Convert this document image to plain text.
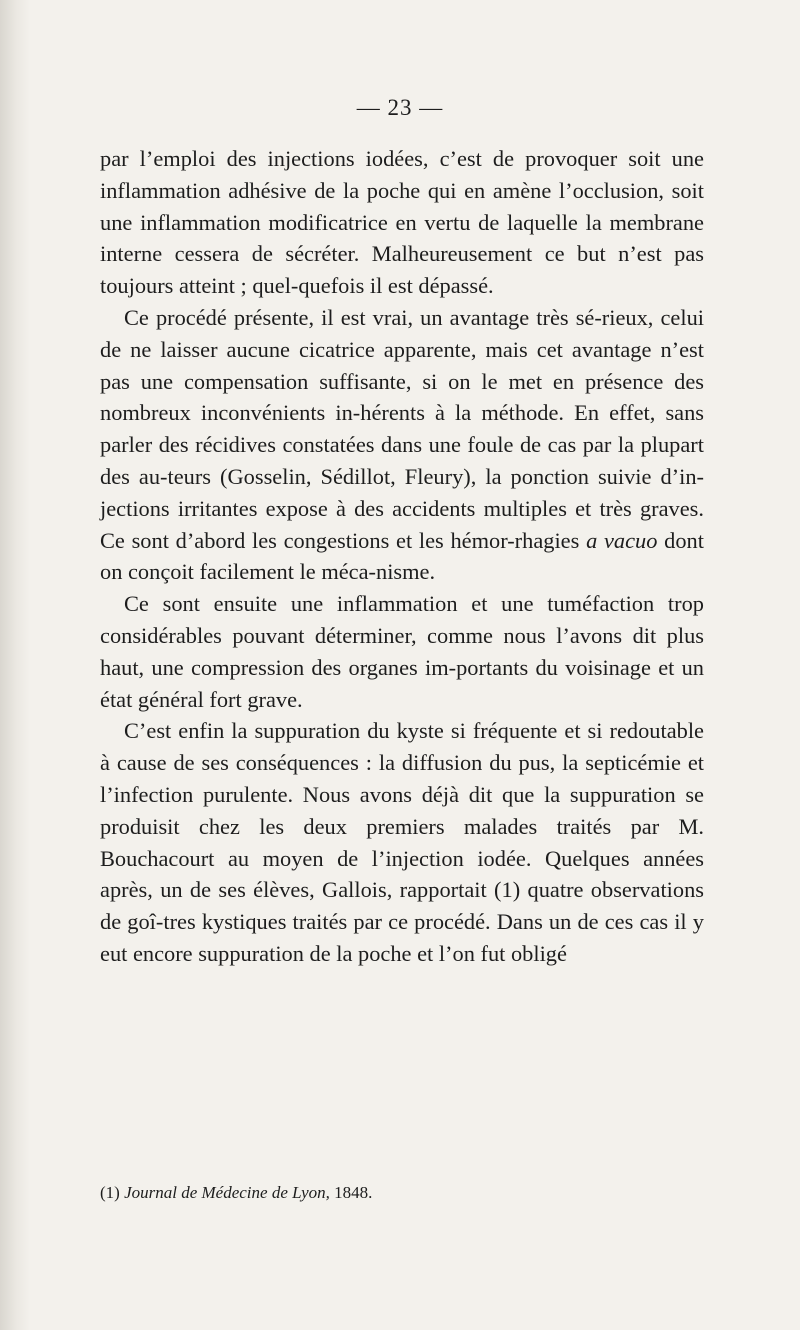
— 23 —

par l’emploi des injections iodées, c’est de provoquer soit une inflammation adhésive de la poche qui en amène l’occlusion, soit une inflammation modificatrice en vertu de laquelle la membrane interne cessera de sécréter. Malheureusement ce but n’est pas toujours atteint ; quel-quefois il est dépassé.

Ce procédé présente, il est vrai, un avantage très sé-rieux, celui de ne laisser aucune cicatrice apparente, mais cet avantage n’est pas une compensation suffisante, si on le met en présence des nombreux inconvénients in-hérents à la méthode. En effet, sans parler des récidives constatées dans une foule de cas par la plupart des au-teurs (Gosselin, Sédillot, Fleury), la ponction suivie d’in-jections irritantes expose à des accidents multiples et très graves. Ce sont d’abord les congestions et les hémor-rhagies a vacuo dont on conçoit facilement le méca-nisme.

Ce sont ensuite une inflammation et une tuméfaction trop considérables pouvant déterminer, comme nous l’avons dit plus haut, une compression des organes im-portants du voisinage et un état général fort grave.

C’est enfin la suppuration du kyste si fréquente et si redoutable à cause de ses conséquences : la diffusion du pus, la septicémie et l’infection purulente. Nous avons déjà dit que la suppuration se produisit chez les deux premiers malades traités par M. Bouchacourt au moyen de l’injection iodée. Quelques années après, un de ses élèves, Gallois, rapportait (1) quatre observations de goî-tres kystiques traités par ce procédé. Dans un de ces cas il y eut encore suppuration de la poche et l’on fut obligé

(1) Journal de Médecine de Lyon, 1848.
